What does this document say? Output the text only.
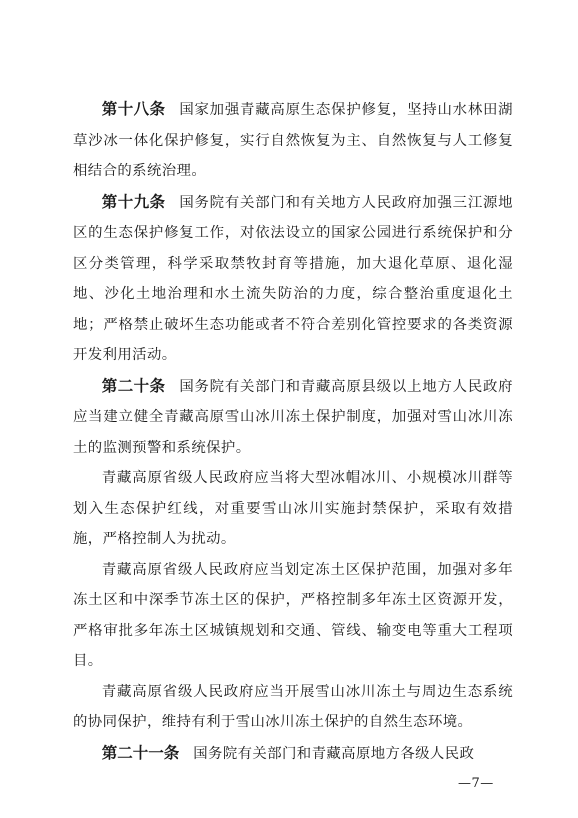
第十八条 国家加强青藏高原生态保护修复，坚持山水林田湖草沙冰一体化保护修复，实行自然恢复为主、自然恢复与人工修复相结合的系统治理。

第十九条 国务院有关部门和有关地方人民政府加强三江源地区的生态保护修复工作，对依法设立的国家公园进行系统保护和分区分类管理，科学采取禁牧封育等措施，加大退化草原、退化湿地、沙化土地治理和水土流失防治的力度，综合整治重度退化土地；严格禁止破坏生态功能或者不符合差别化管控要求的各类资源开发利用活动。

第二十条 国务院有关部门和青藏高原县级以上地方人民政府应当建立健全青藏高原雪山冰川冻土保护制度，加强对雪山冰川冻土的监测预警和系统保护。

青藏高原省级人民政府应当将大型冰帽冰川、小规模冰川群等划入生态保护红线，对重要雪山冰川实施封禁保护，采取有效措施，严格控制人为扰动。

青藏高原省级人民政府应当划定冻土区保护范围，加强对多年冻土区和中深季节冻土区的保护，严格控制多年冻土区资源开发，严格审批多年冻土区城镇规划和交通、管线、输变电等重大工程项目。

青藏高原省级人民政府应当开展雪山冰川冻土与周边生态系统的协同保护，维持有利于雪山冰川冻土保护的自然生态环境。

第二十一条 国务院有关部门和青藏高原地方各级人民政

—7—
